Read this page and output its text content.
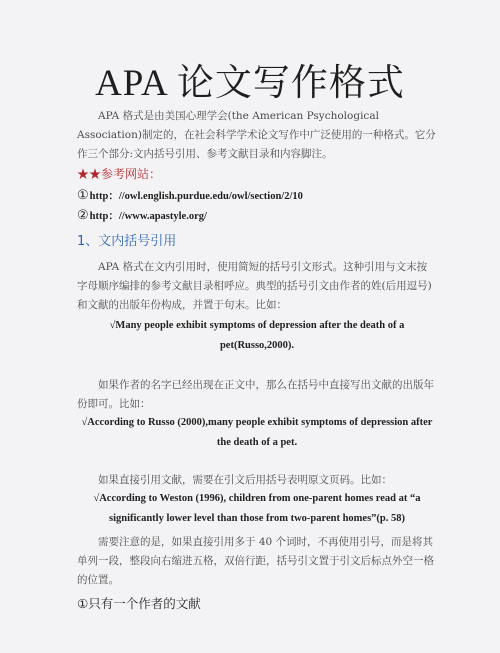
APA 论文写作格式
APA 格式是由美国心理学会(the American Psychological Association)制定的，在社会科学学术论文写作中广泛使用的一种格式。它分作三个部分:文内括号引用、参考文献目录和内容脚注。
★★参考网站：
①http：//owl.english.purdue.edu/owl/section/2/10
②http：//www.apastyle.org/
1、文内括号引用
APA 格式在文内引用时，使用简短的括号引文形式。这种引用与文末按字母顺序编排的参考文献目录相呼应。典型的括号引文由作者的姓(后用逗号)和文献的出版年份构成，并置于句末。比如：
√Many people exhibit symptoms of depression after the death of a
pet(Russo,2000).
如果作者的名字已经出现在正文中，那么在括号中直接写出文献的出版年份即可。比如：
√According to Russo (2000),many people exhibit symptoms of depression after
the death of a pet.
如果直接引用文献，需要在引文后用括号表明原文页码。比如：
√According to Weston (1996), children from one-parent homes read at “a
significantly lower level than those from two-parent homes”(p. 58)
需要注意的是，如果直接引用多于 40 个词时，不再使用引号，而是将其单列一段，整段向右缩进五格，双倍行距，括号引文置于引文后标点外空一格的位置。
①只有一个作者的文献
